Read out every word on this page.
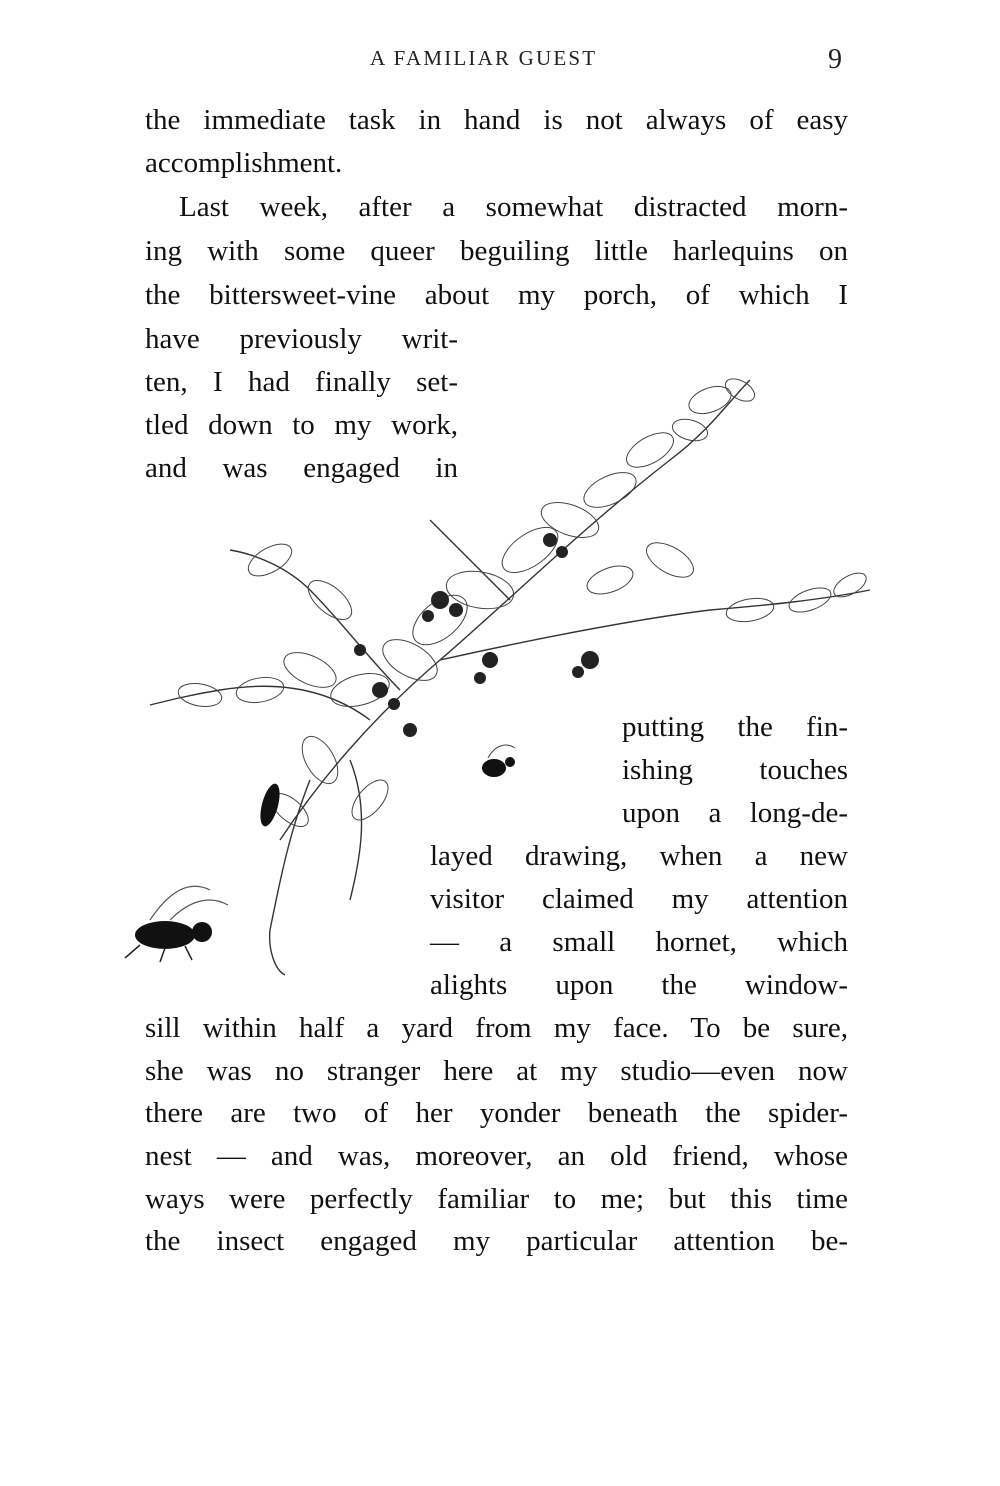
A FAMILIAR GUEST	9
the immediate task in hand is not always of easy
accomplishment.
Last week, after a somewhat distracted morn-
ing with some queer beguiling little harlequins on
the bittersweet-vine about my porch, of which I
have previously writ-
ten, I had finally set-
tled down to my work,
and was engaged in
putting the fin-
ishing touches
upon a long-de-
layed drawing, when a new
visitor claimed my attention
— a small hornet, which
alights upon the window-
sill within half a yard from my face. To be sure,
she was no stranger here at my studio—even now
there are two of her yonder beneath the spider-
nest — and was, moreover, an old friend, whose
ways were perfectly familiar to me; but this time
the insect engaged my particular attention be-
